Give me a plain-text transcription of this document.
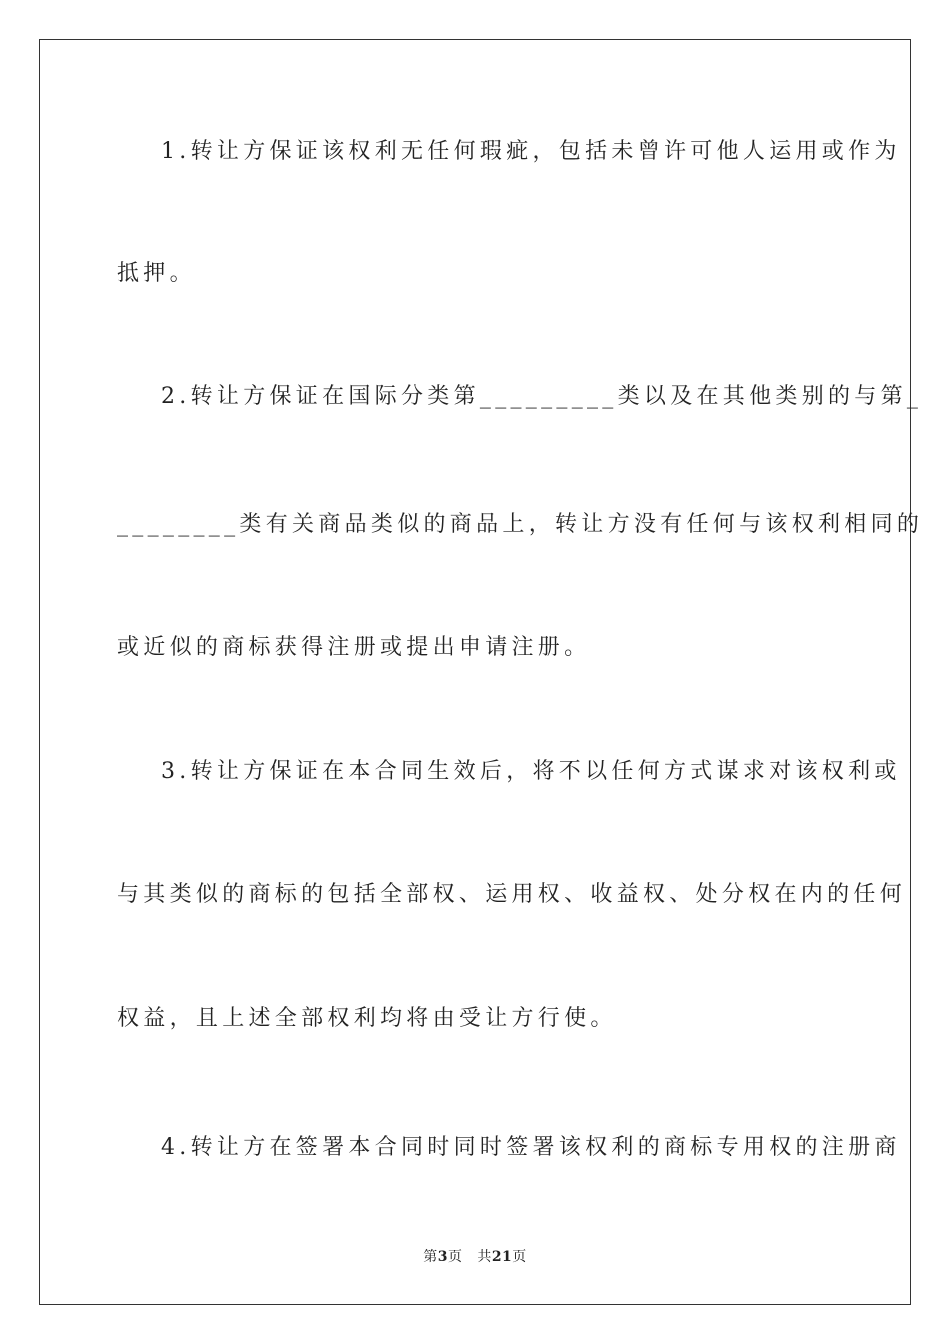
1.转让方保证该权利无任何瑕疵，包括未曾许可他人运用或作为
抵押。
2.转让方保证在国际分类第_________类以及在其他类别的与第_
________类有关商品类似的商品上，转让方没有任何与该权利相同的
或近似的商标获得注册或提出申请注册。
3.转让方保证在本合同生效后，将不以任何方式谋求对该权利或
与其类似的商标的包括全部权、运用权、收益权、处分权在内的任何
权益，且上述全部权利均将由受让方行使。
4.转让方在签署本合同时同时签署该权利的商标专用权的注册商
第3页 共21页
